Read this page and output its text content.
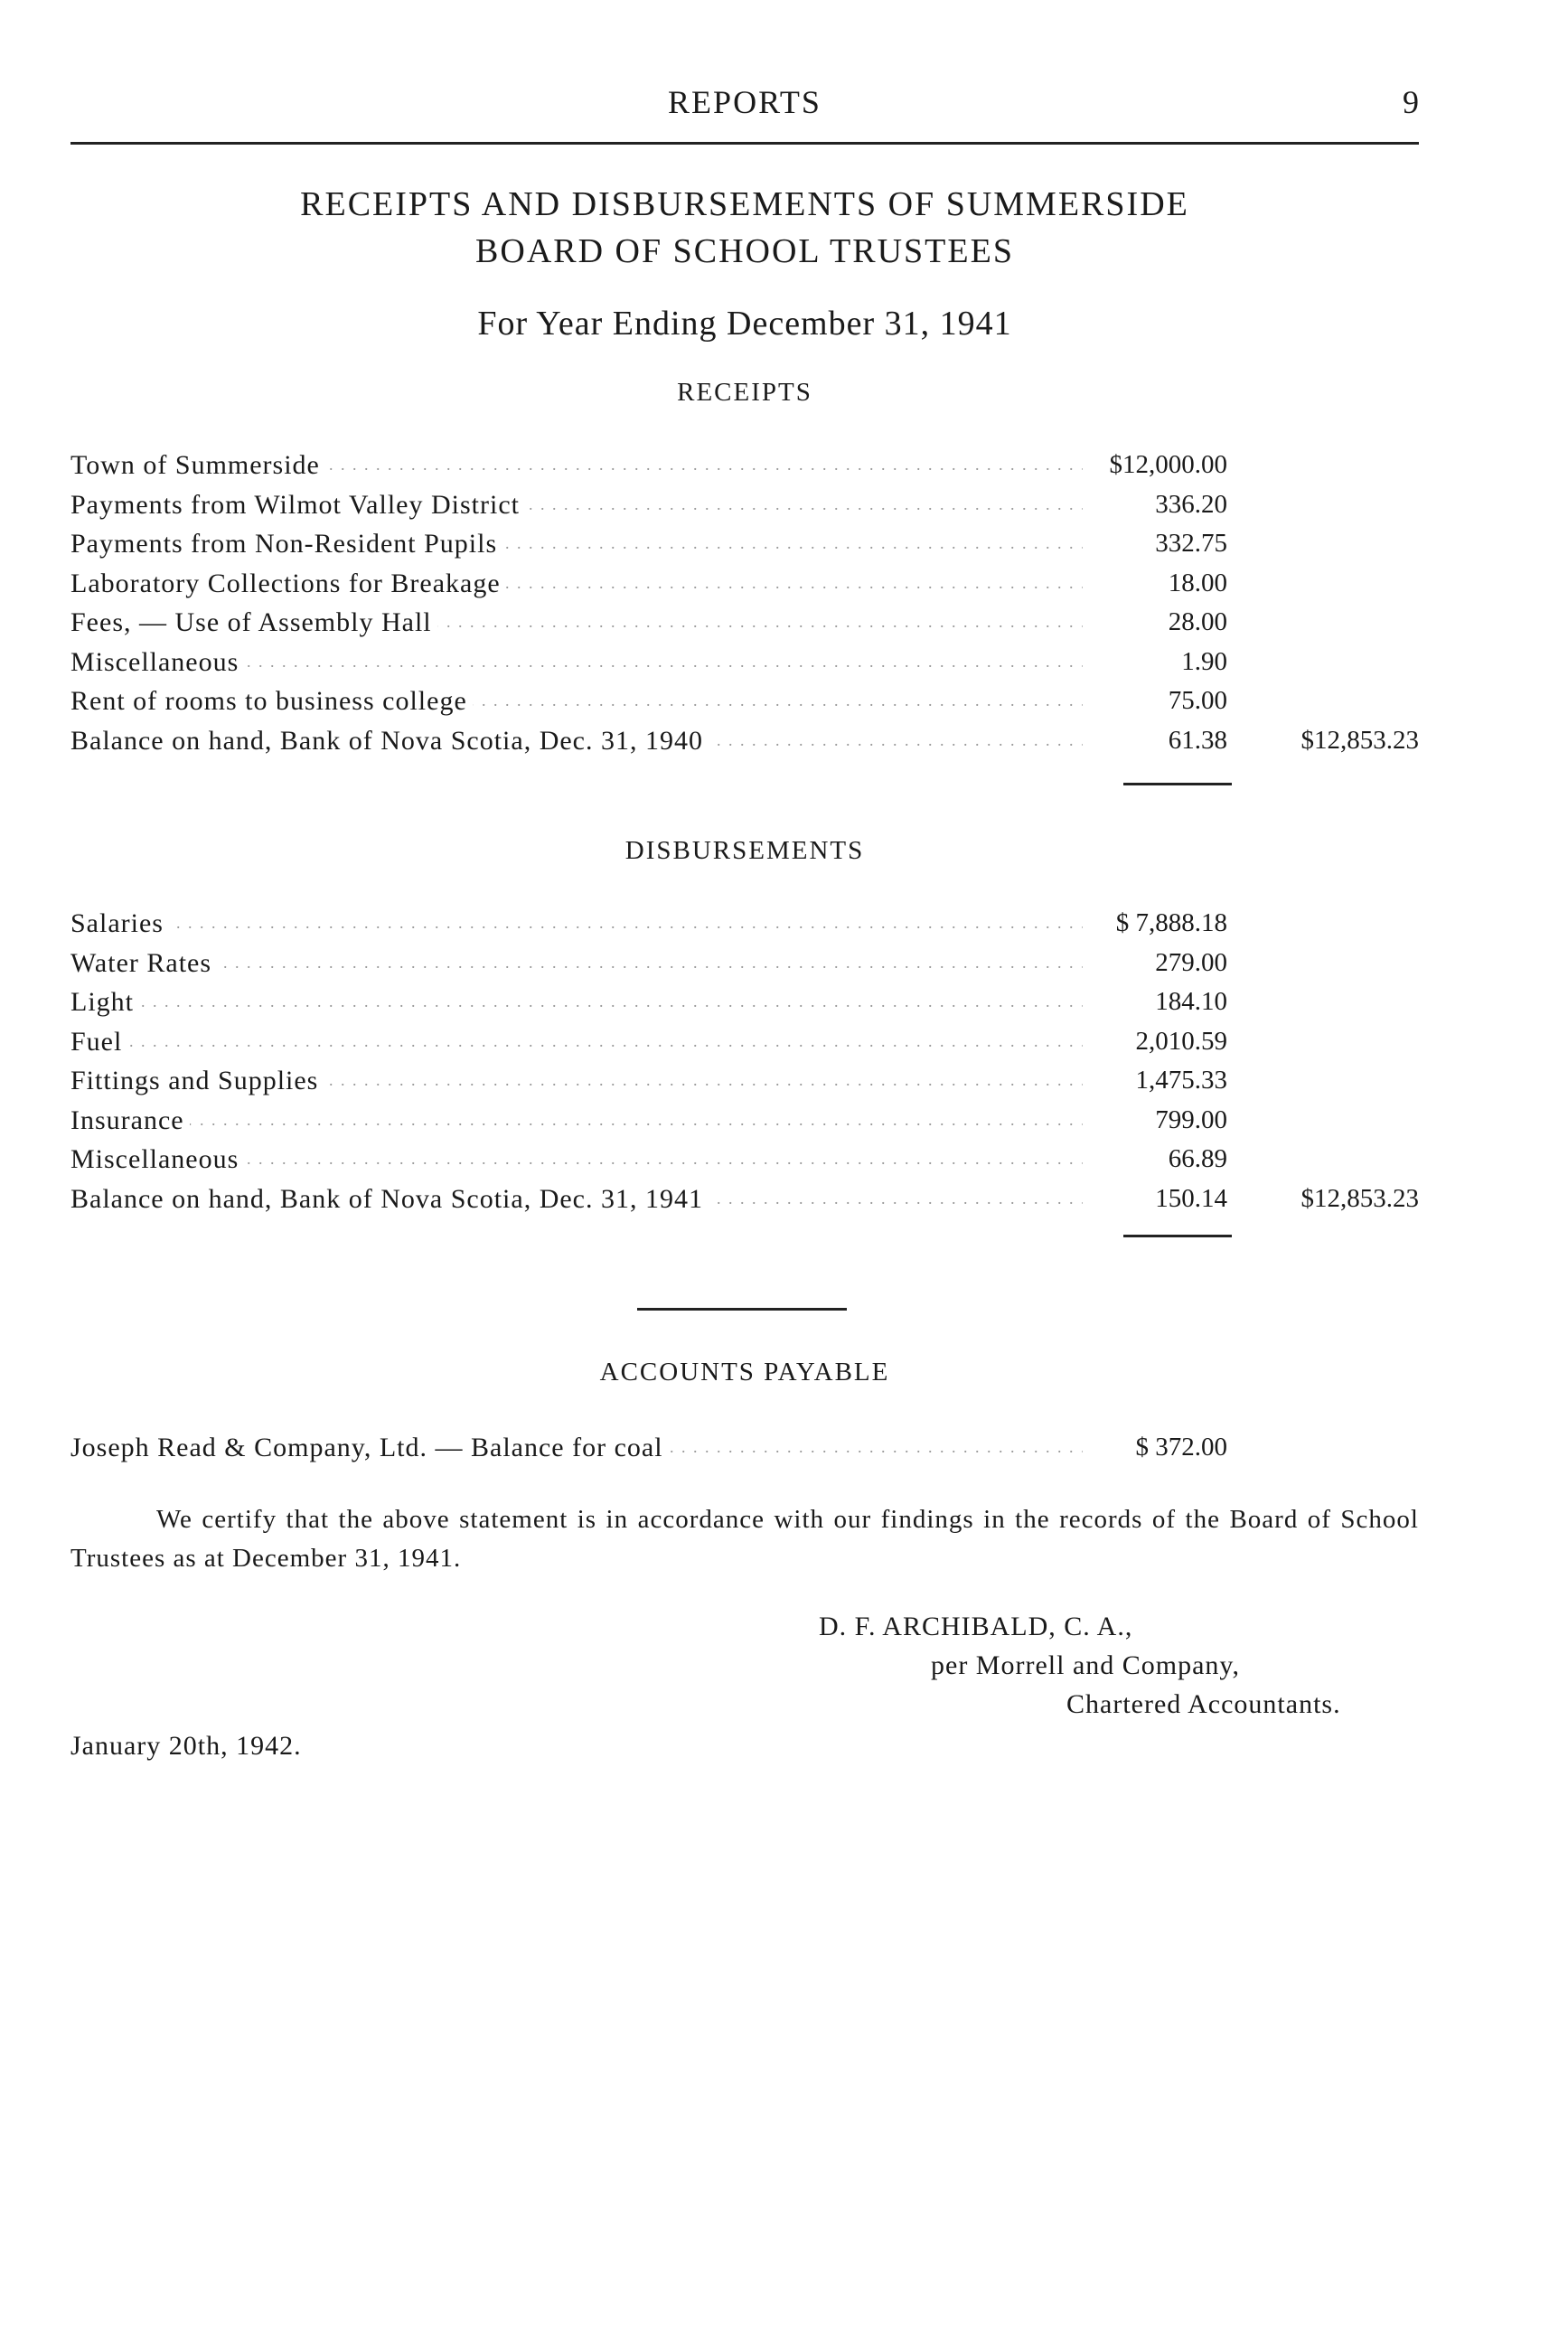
REPORTS	9
RECEIPTS AND DISBURSEMENTS OF SUMMERSIDE
BOARD OF SCHOOL TRUSTEES
For Year Ending December 31, 1941
RECEIPTS
Town of Summerside . . .	$12,000.00
Payments from Wilmot Valley District . . .	336.20
Payments from Non-Resident Pupils . . .	332.75
Laboratory Collections for Breakage . . .	18.00
Fees, — Use of Assembly Hall . . .	28.00
Miscellaneous . . .	1.90
Rent of rooms to business college . . .	75.00
Balance on hand, Bank of Nova Scotia, Dec. 31, 1940 . . .	61.38	$12,853.23
DISBURSEMENTS
Salaries . . .	$ 7,888.18
Water Rates . . .	279.00
Light . . .	184.10
Fuel . . .	2,010.59
Fittings and Supplies . . .	1,475.33
Insurance . . .	799.00
Miscellaneous . . .	66.89
Balance on hand, Bank of Nova Scotia, Dec. 31, 1941 . . .	150.14	$12,853.23
ACCOUNTS PAYABLE
Joseph Read & Company, Ltd. — Balance for coal . . .	$ 372.00
We certify that the above statement is in accordance with our findings in the records of the Board of School Trustees as at December 31, 1941.
D. F. ARCHIBALD, C. A.,
per Morrell and Company,
Chartered Accountants.
January 20th, 1942.
